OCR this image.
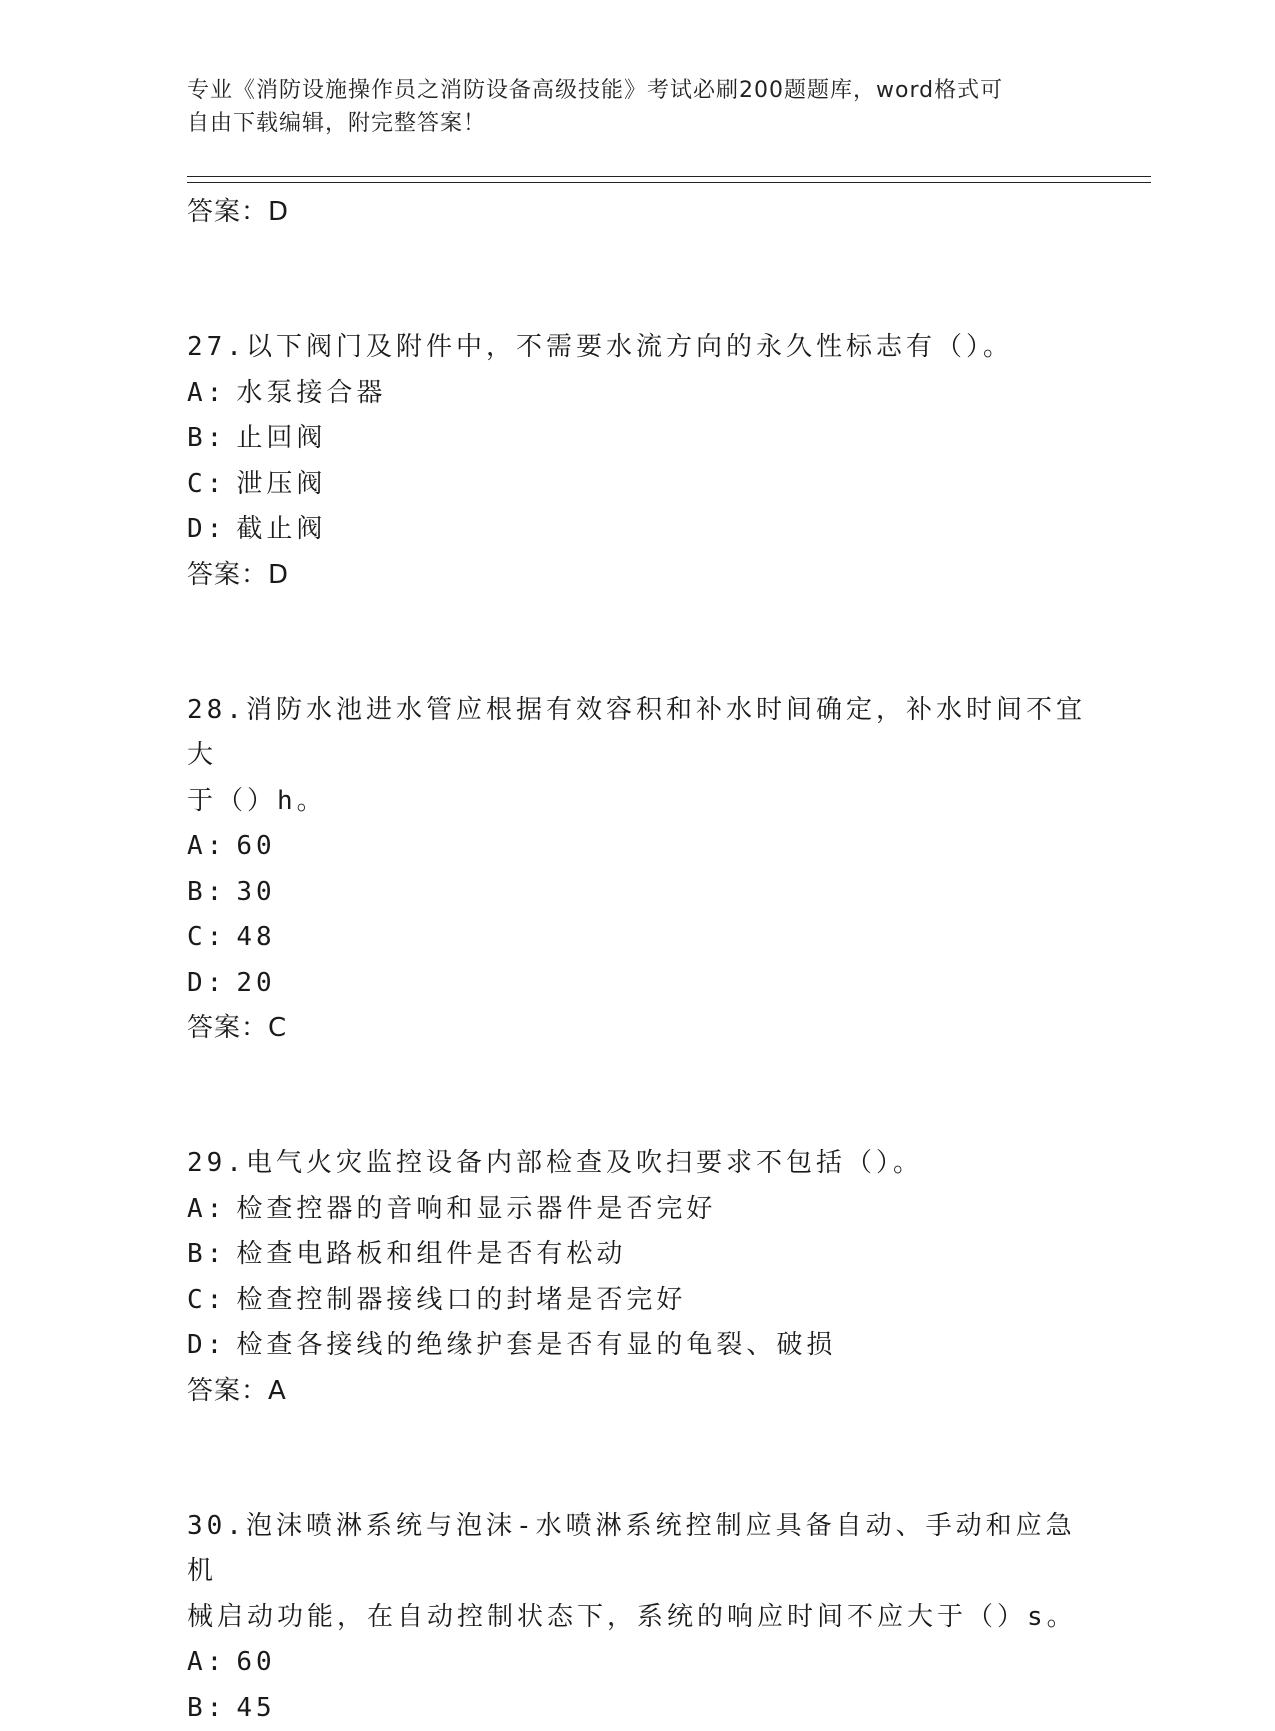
专业《消防设施操作员之消防设备高级技能》考试必刷200题题库，word格式可
自由下载编辑，附完整答案！
答案：D
27.以下阀门及附件中，不需要水流方向的永久性标志有（）。
A: 水泵接合器
B: 止回阀
C: 泄压阀
D: 截止阀
答案：D
28.消防水池进水管应根据有效容积和补水时间确定，补水时间不宜大
于（）h。
A: 60
B: 30
C: 48
D: 20
答案：C
29.电气火灾监控设备内部检查及吹扫要求不包括（）。
A: 检查控器的音响和显示器件是否完好
B: 检查电路板和组件是否有松动
C: 检查控制器接线口的封堵是否完好
D: 检查各接线的绝缘护套是否有显的龟裂、破损
答案：A
30.泡沫喷淋系统与泡沫-水喷淋系统控制应具备自动、手动和应急机
械启动功能，在自动控制状态下，系统的响应时间不应大于（）s。
A: 60
B: 45
